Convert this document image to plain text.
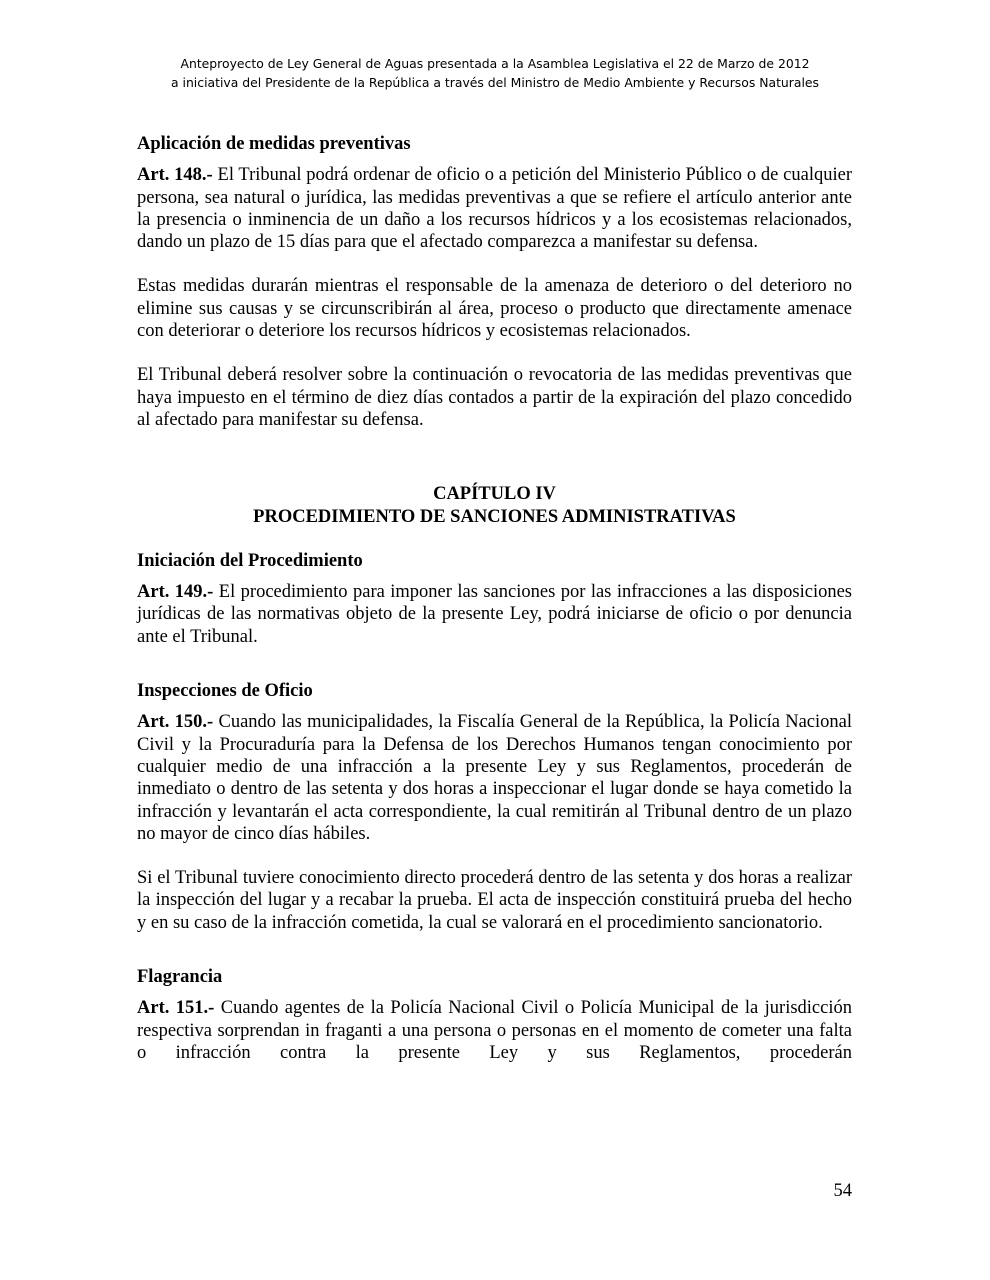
Anteproyecto de Ley General de Aguas presentada a la Asamblea Legislativa el 22 de Marzo de 2012
a iniciativa del Presidente de la República a través del Ministro de Medio Ambiente y Recursos Naturales
Aplicación de medidas preventivas

Art. 148.- El Tribunal podrá ordenar de oficio o a petición del Ministerio Público o de cualquier persona, sea natural o jurídica, las medidas preventivas a que se refiere el artículo anterior ante la presencia o inminencia de un daño a los recursos hídricos y a los ecosistemas relacionados, dando un plazo de 15 días para que el afectado comparezca a manifestar su defensa.

Estas medidas durarán mientras el responsable de la amenaza de deterioro o del deterioro no elimine sus causas y se circunscribirán al área, proceso o producto que directamente amenace con deteriorar o deteriore los recursos hídricos y ecosistemas relacionados.

El Tribunal deberá resolver sobre la continuación o revocatoria de las medidas preventivas que haya impuesto en el término de diez días contados a partir de la expiración del plazo concedido al afectado para manifestar su defensa.

CAPÍTULO IV

PROCEDIMIENTO DE SANCIONES ADMINISTRATIVAS

Iniciación del Procedimiento

Art. 149.- El procedimiento para imponer las sanciones por las infracciones a las disposiciones jurídicas de las normativas objeto de la presente Ley, podrá iniciarse de oficio o por denuncia ante el Tribunal.

Inspecciones de Oficio

Art. 150.- Cuando las municipalidades, la Fiscalía General de la República, la Policía Nacional Civil y la Procuraduría para la Defensa de los Derechos Humanos tengan conocimiento por cualquier medio de una infracción a la presente Ley y sus Reglamentos, procederán de inmediato o dentro de las setenta y dos horas a inspeccionar el lugar donde se haya cometido la infracción y levantarán el acta correspondiente, la cual remitirán al Tribunal dentro de un plazo no mayor de cinco días hábiles.

Si el Tribunal tuviere conocimiento directo procederá dentro de las setenta y dos horas a realizar la inspección del lugar y a recabar la prueba. El acta de inspección constituirá prueba del hecho y en su caso de la infracción cometida, la cual se valorará en el procedimiento sancionatorio.

Flagrancia

Art. 151.- Cuando agentes de la Policía Nacional Civil o Policía Municipal de la jurisdicción respectiva sorprendan in fraganti a una persona o personas en el momento de cometer una falta o infracción contra la presente Ley y sus Reglamentos, procederán

54
